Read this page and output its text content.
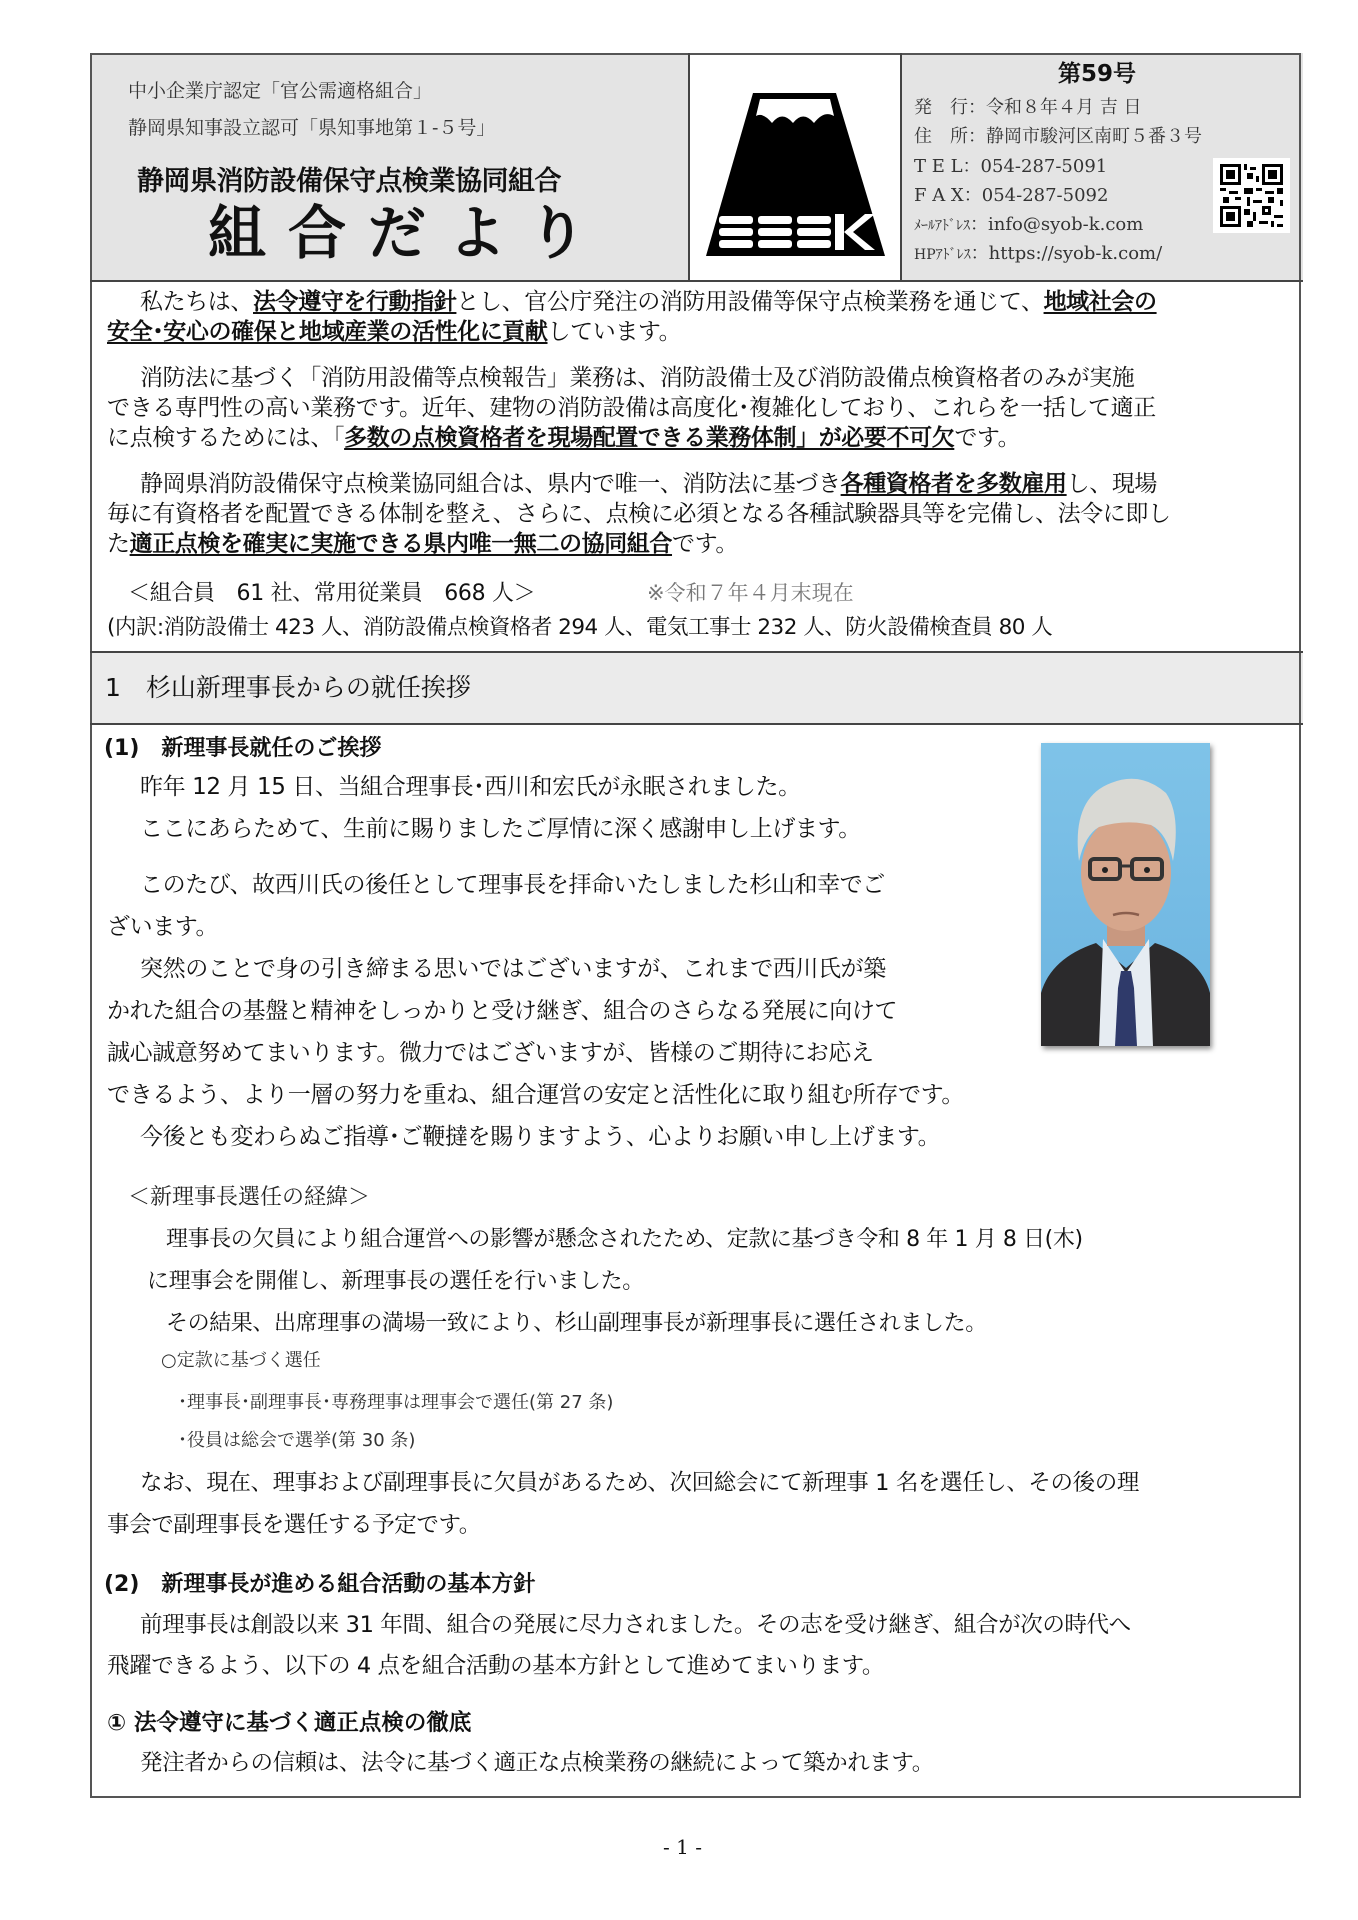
中小企業庁認定「官公需適格組合」
静岡県知事設立認可「県知事地第１-５号」
静岡県消防設備保守点検業協同組合
組合だより
第59号
発　行：令和８年４月 吉 日
住　所：静岡市駿河区南町５番３号
T E L：054-287-5091
F A X：054-287-5092
ﾒｰﾙｱﾄﾞﾚｽ：info@syob-k.com
HPｱﾄﾞﾚｽ：https://syob-k.com/
私たちは、法令遵守を行動指針とし、官公庁発注の消防用設備等保守点検業務を通じて、地域社会の
安全･安心の確保と地域産業の活性化に貢献しています。
消防法に基づく「消防用設備等点検報告」業務は、消防設備士及び消防設備点検資格者のみが実施
できる専門性の高い業務です。近年、建物の消防設備は高度化･複雑化しており、これらを一括して適正
に点検するためには、「多数の点検資格者を現場配置できる業務体制」が必要不可欠です。
静岡県消防設備保守点検業協同組合は、県内で唯一、消防法に基づき各種資格者を多数雇用し、現場
毎に有資格者を配置できる体制を整え、さらに、点検に必須となる各種試験器具等を完備し、法令に即し
た適正点検を確実に実施できる県内唯一無二の協同組合です。
＜組合員　61 社、常用従業員　668 人＞	※令和７年４月末現在
(内訳:消防設備士 423 人、消防設備点検資格者 294 人、電気工事士 232 人、防火設備検査員 80 人
1　杉山新理事長からの就任挨拶
(1)　新理事長就任のご挨拶
昨年 12 月 15 日、当組合理事長･西川和宏氏が永眠されました。
ここにあらためて、生前に賜りましたご厚情に深く感謝申し上げます。
このたび、故西川氏の後任として理事長を拝命いたしました杉山和幸でご
ざいます。
突然のことで身の引き締まる思いではございますが、これまで西川氏が築
かれた組合の基盤と精神をしっかりと受け継ぎ、組合のさらなる発展に向けて
誠心誠意努めてまいります。微力ではございますが、皆様のご期待にお応え
できるよう、より一層の努力を重ね、組合運営の安定と活性化に取り組む所存です。
今後とも変わらぬご指導･ご鞭撻を賜りますよう、心よりお願い申し上げます。
＜新理事長選任の経緯＞
理事長の欠員により組合運営への影響が懸念されたため、定款に基づき令和 8 年 1 月 8 日(木)
に理事会を開催し、新理事長の選任を行いました。
その結果、出席理事の満場一致により、杉山副理事長が新理事長に選任されました。
○定款に基づく選任
･理事長･副理事長･専務理事は理事会で選任(第 27 条)
･役員は総会で選挙(第 30 条)
なお、現在、理事および副理事長に欠員があるため、次回総会にて新理事 1 名を選任し、その後の理
事会で副理事長を選任する予定です。
(2)　新理事長が進める組合活動の基本方針
前理事長は創設以来 31 年間、組合の発展に尽力されました。その志を受け継ぎ、組合が次の時代へ
飛躍できるよう、以下の 4 点を組合活動の基本方針として進めてまいります。
① 法令遵守に基づく適正点検の徹底
発注者からの信頼は、法令に基づく適正な点検業務の継続によって築かれます。
- 1 -
